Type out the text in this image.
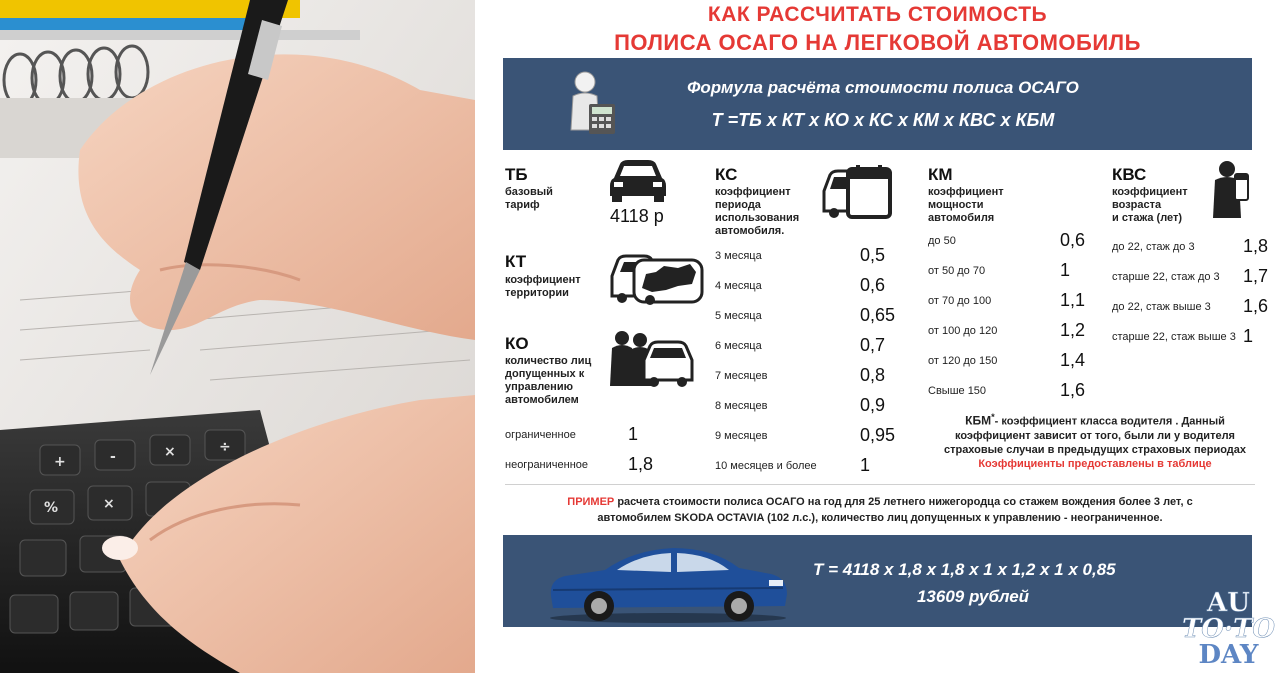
+	-	×	÷
%	×
КАК РАССЧИТАТЬ СТОИМОСТЬ
ПОЛИСА ОСАГО НА ЛЕГКОВОЙ АВТОМОБИЛЬ
Формула расчёта стоимости полиса ОСАГО
Т =ТБ х КТ х КО х КС х КМ х КВС х КБМ
ТБ
базовый
тариф
4118 р
КТ
коэффициент
территории
КО
количество лиц
допущенных к
управлению
автомобилем
ограниченное	1
неограниченное 1,8
КС
коэффициент
периода
использования
автомобиля.
3 месяца	0,5
4 месяца	0,6
5 месяца	0,65
6 месяца	0,7
7 месяцев	0,8
8 месяцев	0,9
9 месяцев	0,95
10 месяцев и более 1
КМ
коэффициент
мощности
автомобиля
до 50	0,6
от 50 до 70	1
от 70 до 100	1,1
от 100 до 120	1,2
от 120 до 150	1,4
Свыше 150	1,6
КВС
коэффициент
возраста
и стажа (лет)
до 22, стаж до 3	1,8
старше 22, стаж до 3 1,7
до 22, стаж выше 3 1,6
старше 22, стаж выше 3 1
КБМ*- коэффициент класса водителя . Данный
коэффициент зависит от того, были ли у водителя
страховые случаи в предыдущих страховых периодах
Коэффициенты предоставлены в таблице
ПРИМЕР расчета стоимости полиса ОСАГО на год для 25 летнего нижегородца со стажем вождения более 3 лет, с
автомобилем SKODA OCTAVIA (102 л.с.), количество лиц допущенных к управлению - неограниченное.
Т = 4118 х 1,8 х 1,8 х 1 х 1,2 х 1 х 0,85
13609 рублей	AU
TO·TO
DAY
